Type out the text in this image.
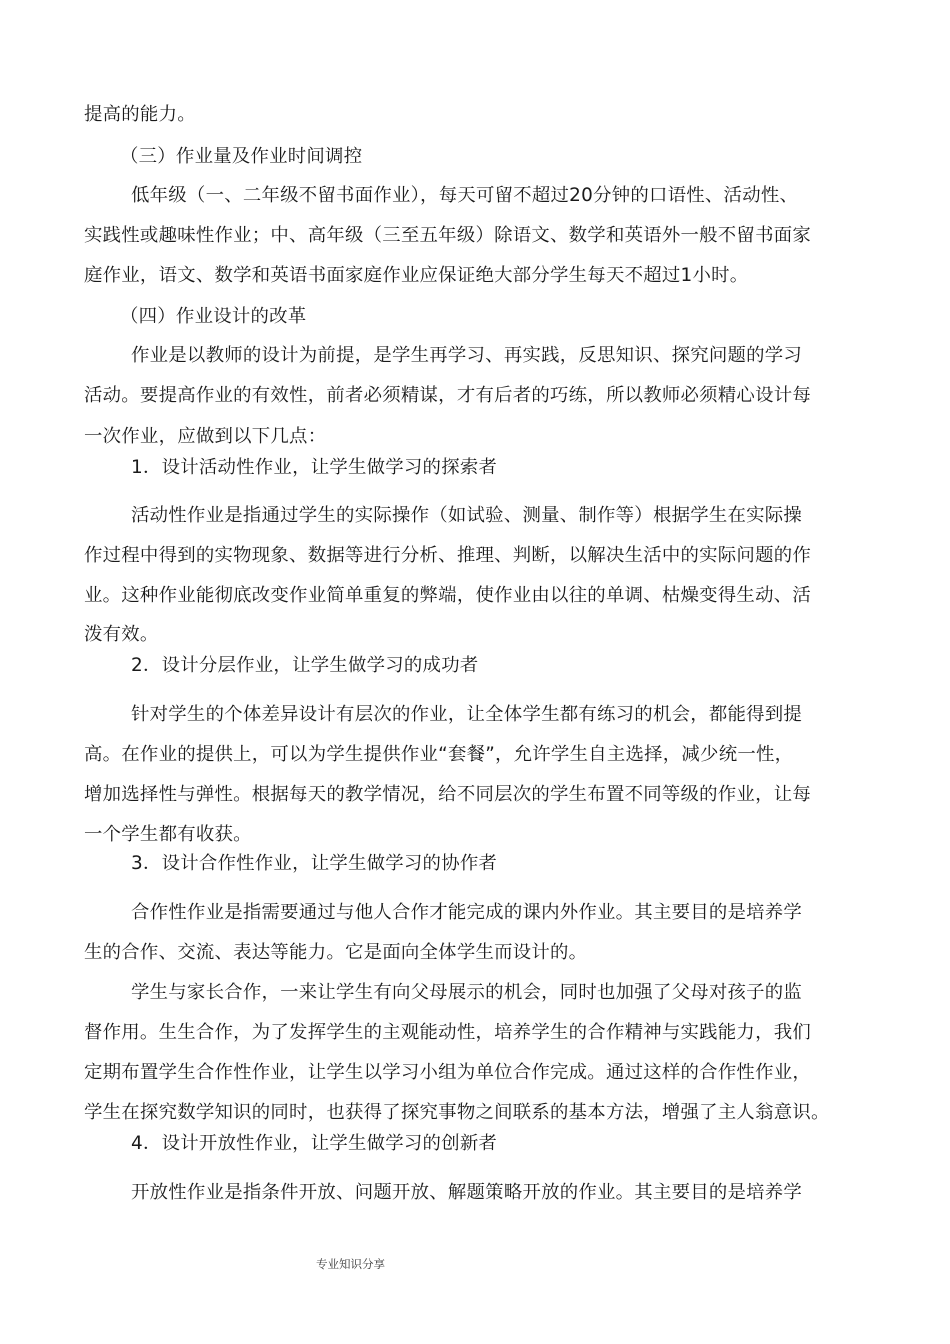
提高的能力。
（三）作业量及作业时间调控
低年级（一、二年级不留书面作业），每天可留不超过20分钟的口语性、活动性、
实践性或趣味性作业；中、高年级（三至五年级）除语文、数学和英语外一般不留书面家
庭作业，语文、数学和英语书面家庭作业应保证绝大部分学生每天不超过1小时。
（四）作业设计的改革
作业是以教师的设计为前提，是学生再学习、再实践，反思知识、探究问题的学习
活动。要提高作业的有效性，前者必须精谋，才有后者的巧练，所以教师必须精心设计每
一次作业，应做到以下几点：
1．设计活动性作业，让学生做学习的探索者
活动性作业是指通过学生的实际操作（如试验、测量、制作等）根据学生在实际操
作过程中得到的实物现象、数据等进行分析、推理、判断，以解决生活中的实际问题的作
业。这种作业能彻底改变作业简单重复的弊端，使作业由以往的单调、枯燥变得生动、活
泼有效。
2．设计分层作业，让学生做学习的成功者
针对学生的个体差异设计有层次的作业，让全体学生都有练习的机会，都能得到提
高。在作业的提供上，可以为学生提供作业“套餐”，允许学生自主选择，减少统一性，
增加选择性与弹性。根据每天的教学情况，给不同层次的学生布置不同等级的作业，让每
一个学生都有收获。
3．设计合作性作业，让学生做学习的协作者
合作性作业是指需要通过与他人合作才能完成的课内外作业。其主要目的是培养学
生的合作、交流、表达等能力。它是面向全体学生而设计的。
学生与家长合作，一来让学生有向父母展示的机会，同时也加强了父母对孩子的监
督作用。生生合作，为了发挥学生的主观能动性，培养学生的合作精神与实践能力，我们
定期布置学生合作性作业，让学生以学习小组为单位合作完成。通过这样的合作性作业，
学生在探究数学知识的同时，也获得了探究事物之间联系的基本方法，增强了主人翁意识。
4．设计开放性作业，让学生做学习的创新者
开放性作业是指条件开放、问题开放、解题策略开放的作业。其主要目的是培养学
专业知识分享
